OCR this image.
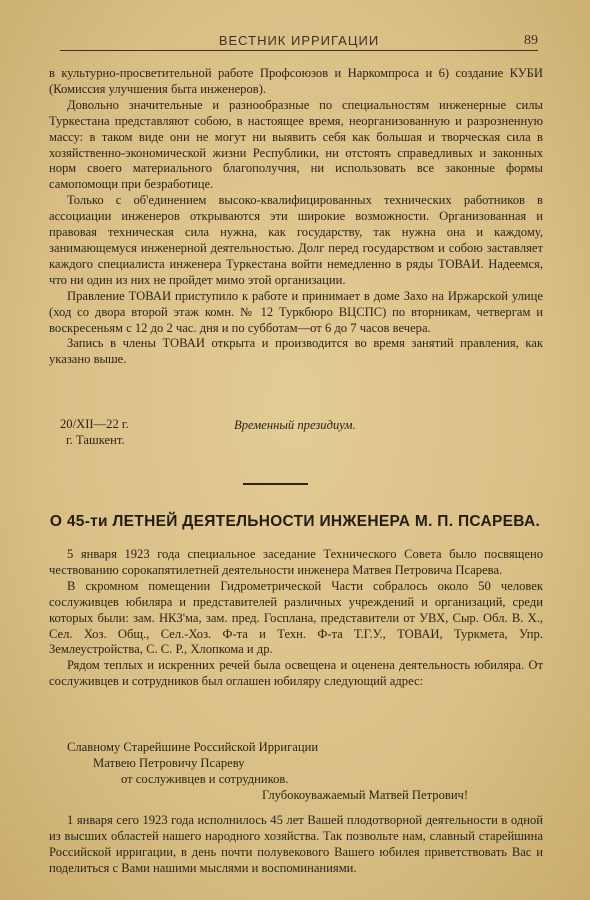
ВЕСТНИК ИРРИГАЦИИ	89

в культурно-просветительной работе Профсоюзов и Наркомпроса и 6) создание КУБИ (Комиссия улучшения быта инженеров).

Довольно значительные и разнообразные по специальностям инженерные силы Туркестана представляют собою, в настоящее время, неорганизованную и разрозненную массу: в таком виде они не могут ни выявить себя как большая и творческая сила в хозяйственно-экономической жизни Республики, ни отстоять справедливых и законных норм своего материального благополучия, ни использовать все законные формы самопомощи при безработице.

Только с об'единением высоко-квалифицированных технических работников в ассоциации инженеров открываются эти широкие возможности. Организованная и правовая техническая сила нужна, как государству, так нужна она и каждому, занимающемуся инженерной деятельностью. Долг перед государством и собою заставляет каждого специалиста инженера Туркестана войти немедленно в ряды ТОВАИ. Надеемся, что ни один из них не пройдет мимо этой организации.

Правление ТОВАИ приступило к работе и принимает в доме Захо на Иржарской улице (ход со двора второй этаж комн. № 12 Туркбюро ВЦСПС) по вторникам, четвергам и воскресеньям с 12 до 2 час. дня и по субботам—от 6 до 7 часов вечера.

Запись в члены ТОВАИ открыта и производится во время занятий правления, как указано выше.

20/XII—22 г.
г. Ташкент.
Временный президиум.
О 45-ти ЛЕТНЕЙ ДЕЯТЕЛЬНОСТИ ИНЖЕНЕРА М. П. ПСАРЕВА.

5 января 1923 года специальное заседание Технического Совета было посвящено чествованию сорокапятилетней деятельности инженера Матвея Петровича Псарева.

В скромном помещении Гидрометрической Части собралось около 50 человек сослуживцев юбиляра и представителей различных учреждений и организаций, среди которых были: зам. НКЗ'ма, зам. пред. Госплана, представители от УВХ, Сыр. Обл. В. Х., Сел. Хоз. Общ., Сел.-Хоз. Ф-та и Техн. Ф-та Т.Г.У., ТОВАИ, Туркмета, Упр. Землеустройства, С. С. Р., Хлопкома и др.

Рядом теплых и искренних речей была освещена и оценена деятельность юбиляра. От сослуживцев и сотрудников был оглашен юбиляру следующий адрес:

Славному Старейшине Российской Ирригации
Матвею Петровичу Псареву
от сослуживцев и сотрудников.
Глубокоуважаемый Матвей Петрович!

1 января сего 1923 года исполнилось 45 лет Вашей плодотворной деятельности в одной из высших областей нашего народного хозяйства. Так позвольте нам, славный старейшина Российской ирригации, в день почти полувекового Вашего юбилея приветствовать Вас и поделиться с Вами нашими мыслями и воспоминаниями.
